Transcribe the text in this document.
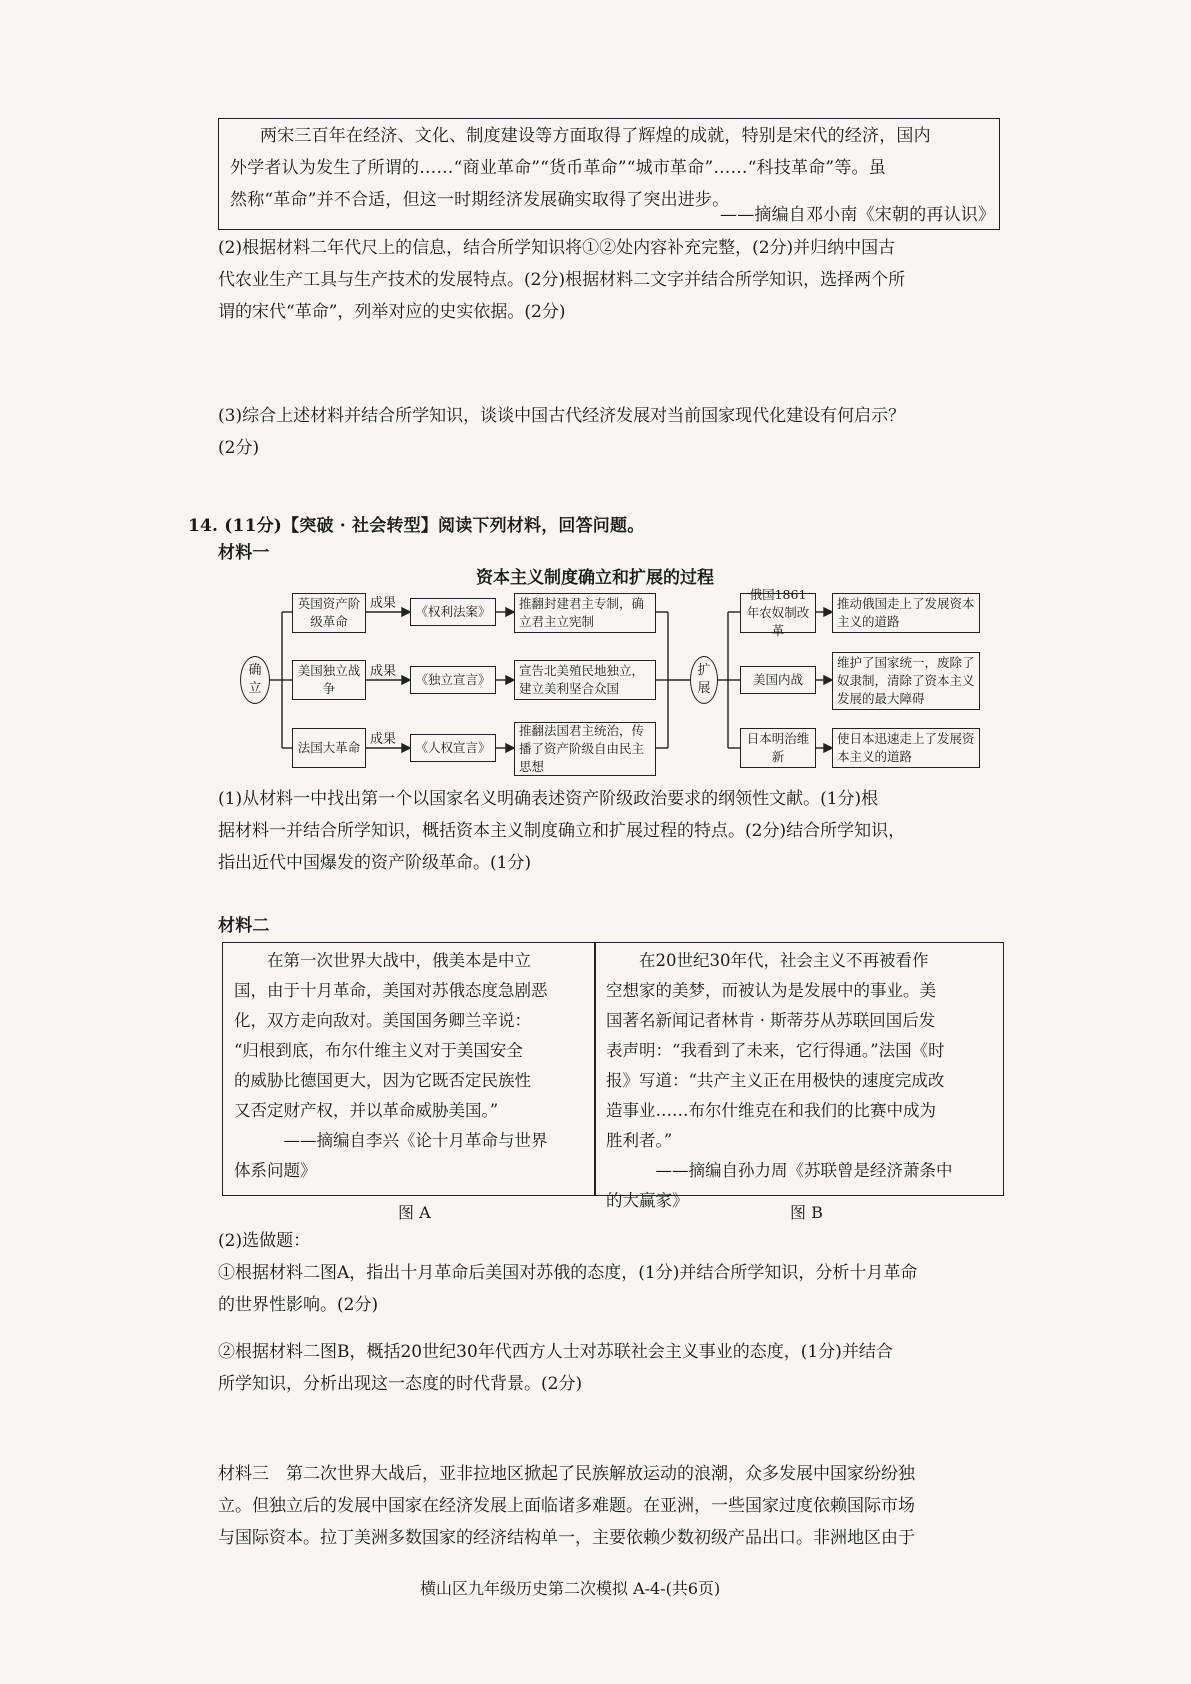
两宋三百年在经济、文化、制度建设等方面取得了辉煌的成就，特别是宋代的经济，国内

外学者认为发生了所谓的……“商业革命”“货币革命”“城市革命”……“科技革命”等。虽

然称“革命”并不合适，但这一时期经济发展确实取得了突出进步。

——摘编自邓小南《宋朝的再认识》
(2)根据材料二年代尺上的信息，结合所学知识将①②处内容补充完整，(2分)并归纳中国古
代农业生产工具与生产技术的发展特点。(2分)根据材料二文字并结合所学知识，选择两个所
谓的宋代“革命”，列举对应的史实依据。(2分)
(3)综合上述材料并结合所学知识，谈谈中国古代经济发展对当前国家现代化建设有何启示？
(2分)
14. (11分)【突破 · 社会转型】阅读下列材料，回答问题。
材料一
资本主义制度确立和扩展的过程
确立
扩展
英国资产阶级革命
成果
《权利法案》
推翻封建君主专制，确立君主立宪制
美国独立战争
成果
《独立宣言》
宣告北美殖民地独立，建立美利坚合众国
法国大革命
成果
《人权宣言》
推翻法国君主统治，传播了资产阶级自由民主思想
俄国1861年农奴制改革
推动俄国走上了发展资本主义的道路
美国内战
维护了国家统一，废除了奴隶制，清除了资本主义发展的最大障碍
日本明治维新
使日本迅速走上了发展资本主义的道路
(1)从材料一中找出第一个以国家名义明确表述资产阶级政治要求的纲领性文献。(1分)根
据材料一并结合所学知识，概括资本主义制度确立和扩展过程的特点。(2分)结合所学知识，
指出近代中国爆发的资产阶级革命。(1分)
材料二
在第一次世界大战中，俄美本是中立
国，由于十月革命，美国对苏俄态度急剧恶
化，双方走向敌对。美国国务卿兰辛说：
“归根到底，布尔什维主义对于美国安全
的威胁比德国更大，因为它既否定民族性
又否定财产权，并以革命威胁美国。”
——摘编自李兴《论十月革命与世界
体系问题》
在20世纪30年代，社会主义不再被看作
空想家的美梦，而被认为是发展中的事业。美
国著名新闻记者林肯 · 斯蒂芬从苏联回国后发
表声明：“我看到了未来，它行得通。”法国《时
报》写道：“共产主义正在用极快的速度完成改
造事业……布尔什维克在和我们的比赛中成为
胜利者。”
——摘编自孙力周《苏联曾是经济萧条中
的大赢家》
图 A	图 B
(2)选做题：
①根据材料二图A，指出十月革命后美国对苏俄的态度，(1分)并结合所学知识，分析十月革命
的世界性影响。(2分)
②根据材料二图B，概括20世纪30年代西方人士对苏联社会主义事业的态度，(1分)并结合
所学知识，分析出现这一态度的时代背景。(2分)
材料三　第二次世界大战后，亚非拉地区掀起了民族解放运动的浪潮，众多发展中国家纷纷独
立。但独立后的发展中国家在经济发展上面临诸多难题。在亚洲，一些国家过度依赖国际市场
与国际资本。拉丁美洲多数国家的经济结构单一，主要依赖少数初级产品出口。非洲地区由于
横山区九年级历史第二次模拟 A-4-(共6页)
